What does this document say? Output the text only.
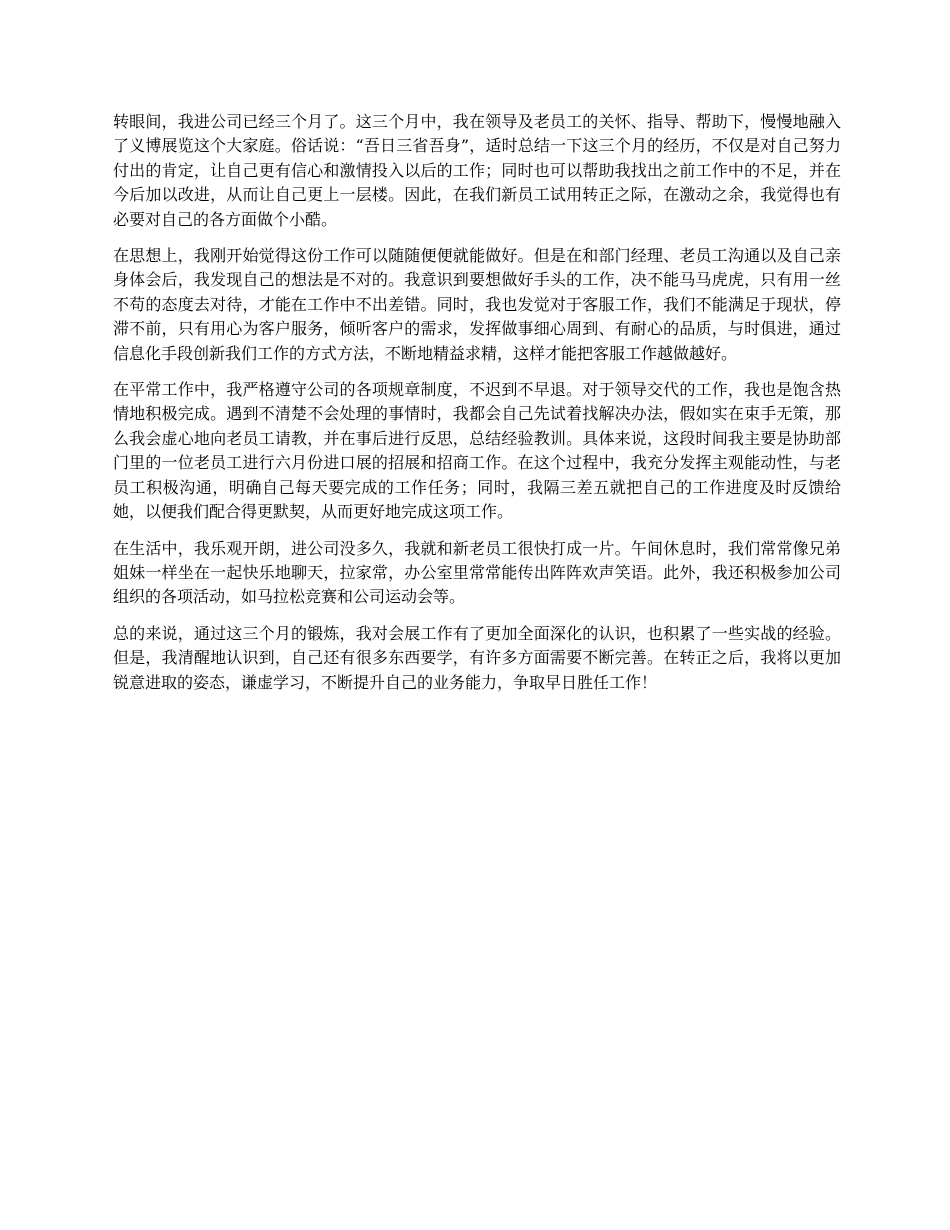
转眼间，我进公司已经三个月了。这三个月中，我在领导及老员工的关怀、指导、帮助下，慢慢地融入了义博展览这个大家庭。俗话说：“吾日三省吾身”，适时总结一下这三个月的经历，不仅是对自己努力付出的肯定，让自己更有信心和激情投入以后的工作；同时也可以帮助我找出之前工作中的不足，并在今后加以改进，从而让自己更上一层楼。因此，在我们新员工试用转正之际，在激动之余，我觉得也有必要对自己的各方面做个小酷。

在思想上，我刚开始觉得这份工作可以随随便便就能做好。但是在和部门经理、老员工沟通以及自己亲身体会后，我发现自己的想法是不对的。我意识到要想做好手头的工作，决不能马马虎虎，只有用一丝不苟的态度去对待，才能在工作中不出差错。同时，我也发觉对于客服工作，我们不能满足于现状，停滞不前，只有用心为客户服务，倾听客户的需求，发挥做事细心周到、有耐心的品质，与时俱进，通过信息化手段创新我们工作的方式方法，不断地精益求精，这样才能把客服工作越做越好。

在平常工作中，我严格遵守公司的各项规章制度，不迟到不早退。对于领导交代的工作，我也是饱含热情地积极完成。遇到不清楚不会处理的事情时，我都会自己先试着找解决办法，假如实在束手无策，那么我会虚心地向老员工请教，并在事后进行反思，总结经验教训。具体来说，这段时间我主要是协助部门里的一位老员工进行六月份进口展的招展和招商工作。在这个过程中，我充分发挥主观能动性，与老员工积极沟通，明确自己每天要完成的工作任务；同时，我隔三差五就把自己的工作进度及时反馈给她，以便我们配合得更默契，从而更好地完成这项工作。

在生活中，我乐观开朗，进公司没多久，我就和新老员工很快打成一片。午间休息时，我们常常像兄弟姐妹一样坐在一起快乐地聊天，拉家常，办公室里常常能传出阵阵欢声笑语。此外，我还积极参加公司组织的各项活动，如马拉松竞赛和公司运动会等。

总的来说，通过这三个月的锻炼，我对会展工作有了更加全面深化的认识，也积累了一些实战的经验。但是，我清醒地认识到，自己还有很多东西要学，有许多方面需要不断完善。在转正之后，我将以更加锐意进取的姿态，谦虚学习，不断提升自己的业务能力，争取早日胜任工作！
